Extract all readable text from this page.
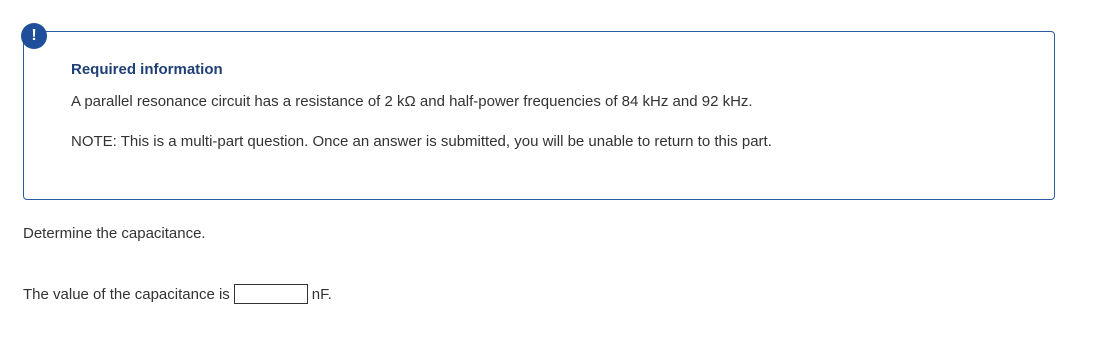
!
Required information
A parallel resonance circuit has a resistance of 2 kΩ and half-power frequencies of 84 kHz and 92 kHz.
NOTE: This is a multi-part question. Once an answer is submitted, you will be unable to return to this part.
Determine the capacitance.
The value of the capacitance is	nF.
